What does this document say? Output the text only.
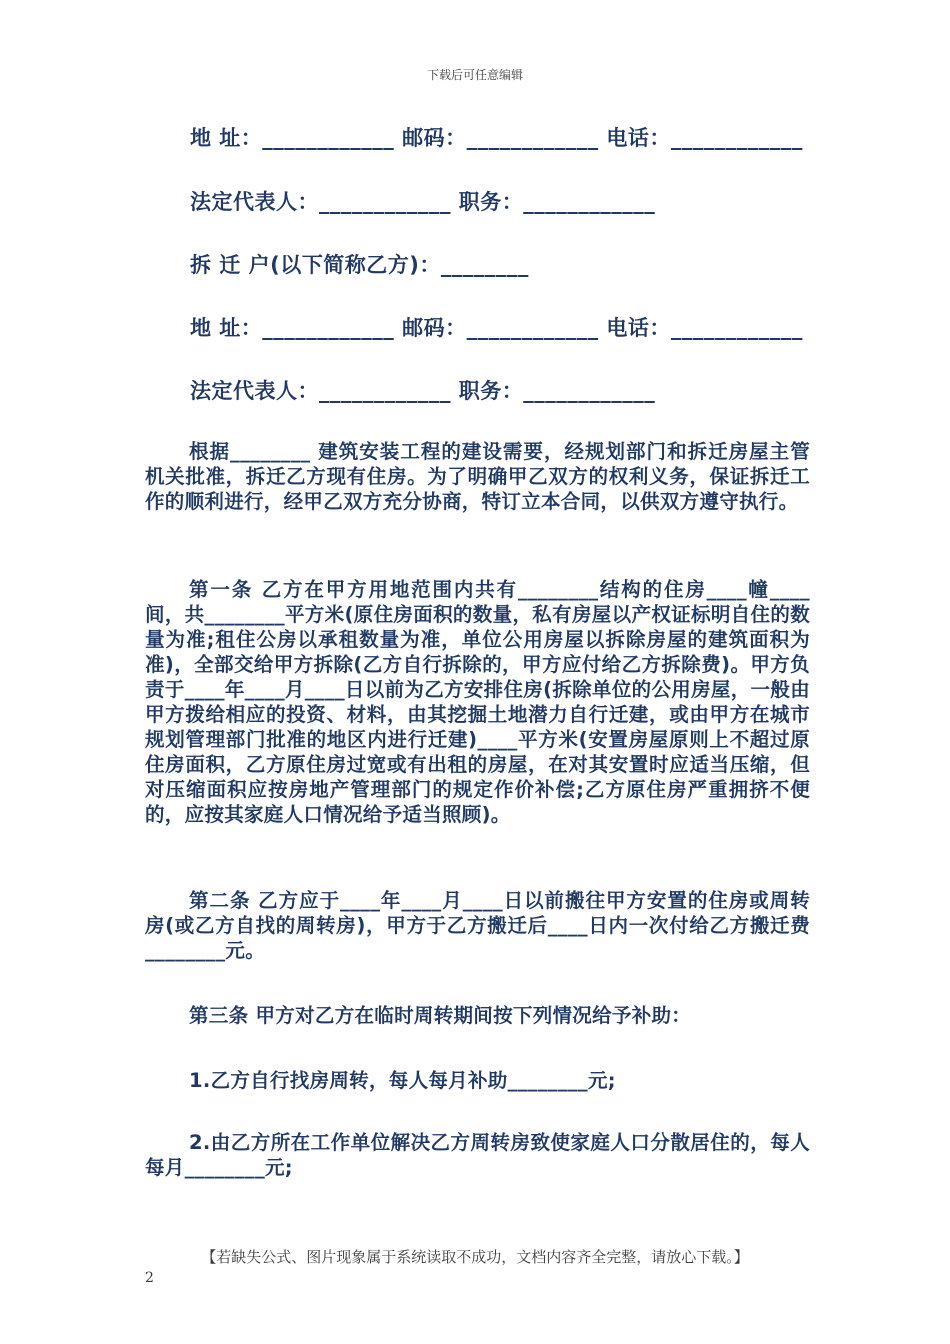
下载后可任意编辑
地 址：____________ 邮码：____________ 电话：____________
法定代表人：____________ 职务：____________
拆 迁 户(以下简称乙方)：________
地 址：____________ 邮码：____________ 电话：____________
法定代表人：____________ 职务：____________
根据________ 建筑安装工程的建设需要，经规划部门和拆迁房屋主管机关批准，拆迁乙方现有住房。为了明确甲乙双方的权利义务，保证拆迁工作的顺利进行，经甲乙双方充分协商，特订立本合同，以供双方遵守执行。
第一条 乙方在甲方用地范围内共有________结构的住房____幢____间，共________平方米(原住房面积的数量，私有房屋以产权证标明自住的数量为准;租住公房以承租数量为准，单位公用房屋以拆除房屋的建筑面积为准)，全部交给甲方拆除(乙方自行拆除的，甲方应付给乙方拆除费)。甲方负责于____年____月____日以前为乙方安排住房(拆除单位的公用房屋，一般由甲方拨给相应的投资、材料，由其挖掘土地潜力自行迁建，或由甲方在城市规划管理部门批准的地区内进行迁建)____平方米(安置房屋原则上不超过原住房面积，乙方原住房过宽或有出租的房屋，在对其安置时应适当压缩，但对压缩面积应按房地产管理部门的规定作价补偿;乙方原住房严重拥挤不便的，应按其家庭人口情况给予适当照顾)。
第二条 乙方应于____年____月____日以前搬往甲方安置的住房或周转房(或乙方自找的周转房)，甲方于乙方搬迁后____日内一次付给乙方搬迁费________元。
第三条 甲方对乙方在临时周转期间按下列情况给予补助：
1.乙方自行找房周转，每人每月补助________元;
2.由乙方所在工作单位解决乙方周转房致使家庭人口分散居住的，每人每月________元;
【若缺失公式、图片现象属于系统读取不成功，文档内容齐全完整，请放心下载。】
2
